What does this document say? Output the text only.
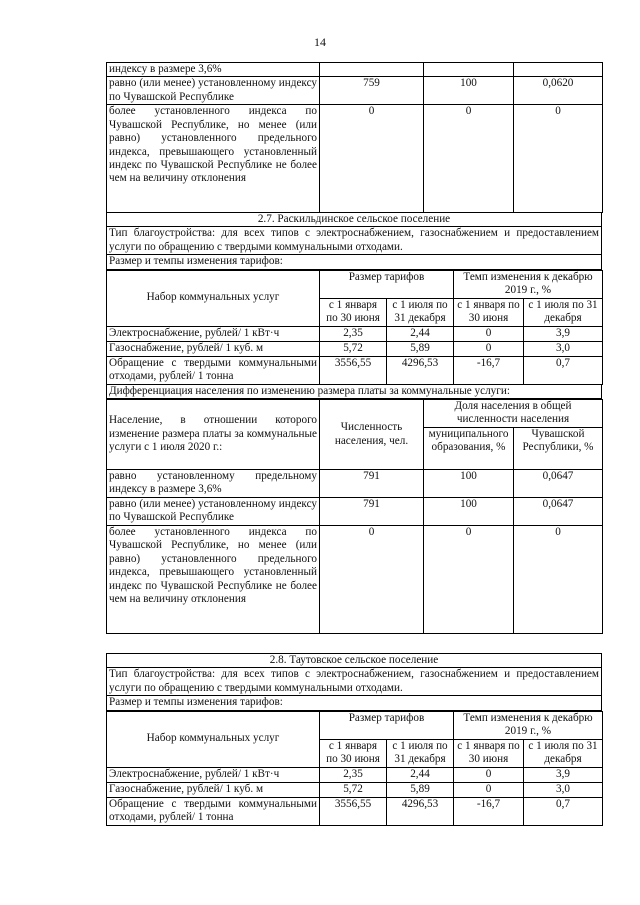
14
индексу в размере 3,6%			
равно (или менее) установленному индексу по Чувашской Республике	759	100	0,0620
более установленного индекса по Чувашской Республике, но менее (или равно) установленного предельного индекса, превышающего установленный индекс по Чувашской Республике не более чем на величину отклонения	0	0	0
2.7. Раскильдинское сельское поселение
Тип благоустройства: для всех типов с электроснабжением, газоснабжением и предоставлением услуги по обращению с твердыми коммунальными отходами.
Размер и темпы изменения тарифов:
Набор коммунальных услуг	Размер тарифов		Темп изменения к декабрю 2019 г., %	
	с 1 января по 30 июня	с 1 июля по 31 декабря	с 1 января по 30 июня	с 1 июля по 31 декабря
Электроснабжение, рублей/ 1 кВт·ч	2,35	2,44	0	3,9
Газоснабжение, рублей/ 1 куб. м	5,72	5,89	0	3,0
Обращение с твердыми коммунальными отходами, рублей/ 1 тонна	3556,55	4296,53	-16,7	0,7
Дифференциация населения по изменению размера платы за коммунальные услуги:
Население, в отношении которого изменение размера платы за коммунальные услуги с 1 июля 2020 г.:	Численность населения, чел.	Доля населения в общей численности населения	
		муниципального образования, %	Чувашской Республики, %
равно установленному предельному индексу в размере 3,6%	791	100	0,0647
равно (или менее) установленному индексу по Чувашской Республике	791	100	0,0647
более установленного индекса по Чувашской Республике, но менее (или равно) установленного предельного индекса, превышающего установленный индекс по Чувашской Республике не более чем на величину отклонения	0	0	0
2.8. Таутовское сельское поселение
Тип благоустройства: для всех типов с электроснабжением, газоснабжением и предоставлением услуги по обращению с твердыми коммунальными отходами.
Размер и темпы изменения тарифов:
Набор коммунальных услуг	Размер тарифов		Темп изменения к декабрю 2019 г., %	
	с 1 января по 30 июня	с 1 июля по 31 декабря	с 1 января по 30 июня	с 1 июля по 31 декабря
Электроснабжение, рублей/ 1 кВт·ч	2,35	2,44	0	3,9
Газоснабжение, рублей/ 1 куб. м	5,72	5,89	0	3,0
Обращение с твердыми коммунальными отходами, рублей/ 1 тонна	3556,55	4296,53	-16,7	0,7
